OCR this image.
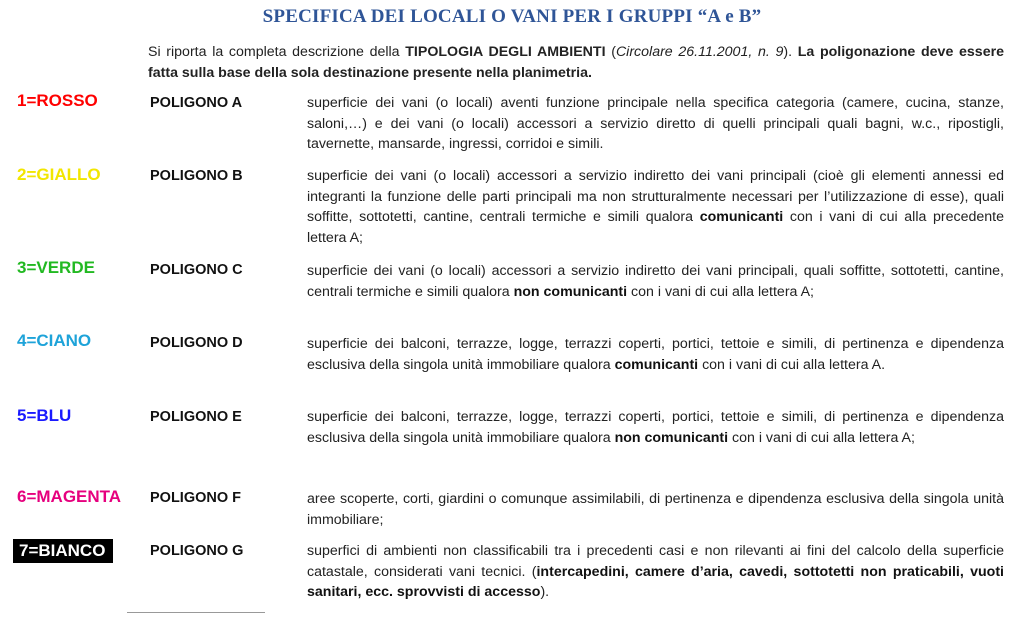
SPECIFICA DEI LOCALI O VANI PER I GRUPPI “A e B”
Si riporta la completa descrizione della TIPOLOGIA DEGLI AMBIENTI (Circolare 26.11.2001, n. 9). La poligonazione deve essere fatta sulla base della sola destinazione presente nella planimetria.
1=ROSSO	POLIGONO A	superficie dei vani (o locali) aventi funzione principale nella specifica categoria (camere, cucina, stanze, saloni,…) e dei vani (o locali) accessori a servizio diretto di quelli principali quali bagni, w.c., ripostigli, tavernette, mansarde, ingressi, corridoi e simili.
2=GIALLO	POLIGONO B	superficie dei vani (o locali) accessori a servizio indiretto dei vani principali (cioè gli elementi annessi ed integranti la funzione delle parti principali ma non strutturalmente necessari per l’utilizzazione di esse), quali soffitte, sottotetti, cantine, centrali termiche e simili qualora comunicanti con i vani di cui alla precedente lettera A;
3=VERDE	POLIGONO C	superficie dei vani (o locali) accessori a servizio indiretto dei vani principali, quali soffitte, sottotetti, cantine, centrali termiche e simili qualora non comunicanti con i vani di cui alla lettera A;
4=CIANO	POLIGONO D	superficie dei balconi, terrazze, logge, terrazzi coperti, portici, tettoie e simili, di pertinenza e dipendenza esclusiva della singola unità immobiliare qualora comunicanti con i vani di cui alla lettera A.
5=BLU	POLIGONO E	superficie dei balconi, terrazze, logge, terrazzi coperti, portici, tettoie e simili, di pertinenza e dipendenza esclusiva della singola unità immobiliare qualora non comunicanti con i vani di cui alla lettera A;
6=MAGENTA POLIGONO F	aree scoperte, corti, giardini o comunque assimilabili, di pertinenza e dipendenza esclusiva della singola unità immobiliare;
7=BIANCO	POLIGONO G	superfici di ambienti non classificabili tra i precedenti casi e non rilevanti ai fini del calcolo della superficie catastale, considerati vani tecnici. (intercapedini, camere d’aria, cavedi, sottotetti non praticabili, vuoti sanitari, ecc. sprovvisti di accesso).
